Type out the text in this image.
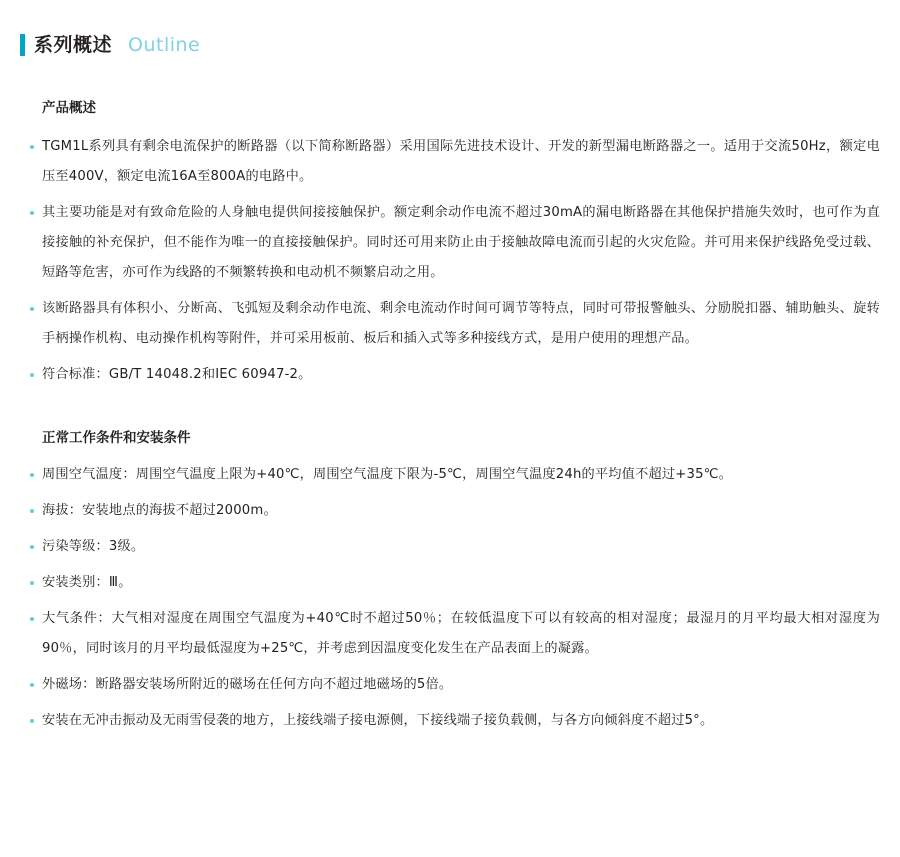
系列概述 Outline
产品概述

TGM1L系列具有剩余电流保护的断路器（以下简称断路器）采用国际先进技术设计、开发的新型漏电断路器之一。适用于交流50Hz，额定电压至400V，额定电流16A至800A的电路中。

其主要功能是对有致命危险的人身触电提供间接接触保护。额定剩余动作电流不超过30mA的漏电断路器在其他保护措施失效时，也可作为直接接触的补充保护，但不能作为唯一的直接接触保护。同时还可用来防止由于接触故障电流而引起的火灾危险。并可用来保护线路免受过载、短路等危害，亦可作为线路的不频繁转换和电动机不频繁启动之用。

该断路器具有体积小、分断高、飞弧短及剩余动作电流、剩余电流动作时间可调节等特点，同时可带报警触头、分励脱扣器、辅助触头、旋转手柄操作机构、电动操作机构等附件，并可采用板前、板后和插入式等多种接线方式，是用户使用的理想产品。

符合标准：GB/T 14048.2和IEC 60947-2。

正常工作条件和安装条件

周围空气温度：周围空气温度上限为+40℃，周围空气温度下限为-5℃，周围空气温度24h的平均值不超过+35℃。

海拔：安装地点的海拔不超过2000m。

污染等级：3级。

安装类别：Ⅲ。

大气条件：大气相对湿度在周围空气温度为+40℃时不超过50％；在较低温度下可以有较高的相对湿度；最湿月的月平均最大相对湿度为90％，同时该月的月平均最低湿度为+25℃，并考虑到因温度变化发生在产品表面上的凝露。

外磁场：断路器安装场所附近的磁场在任何方向不超过地磁场的5倍。

安装在无冲击振动及无雨雪侵袭的地方，上接线端子接电源侧，下接线端子接负载侧，与各方向倾斜度不超过5°。
